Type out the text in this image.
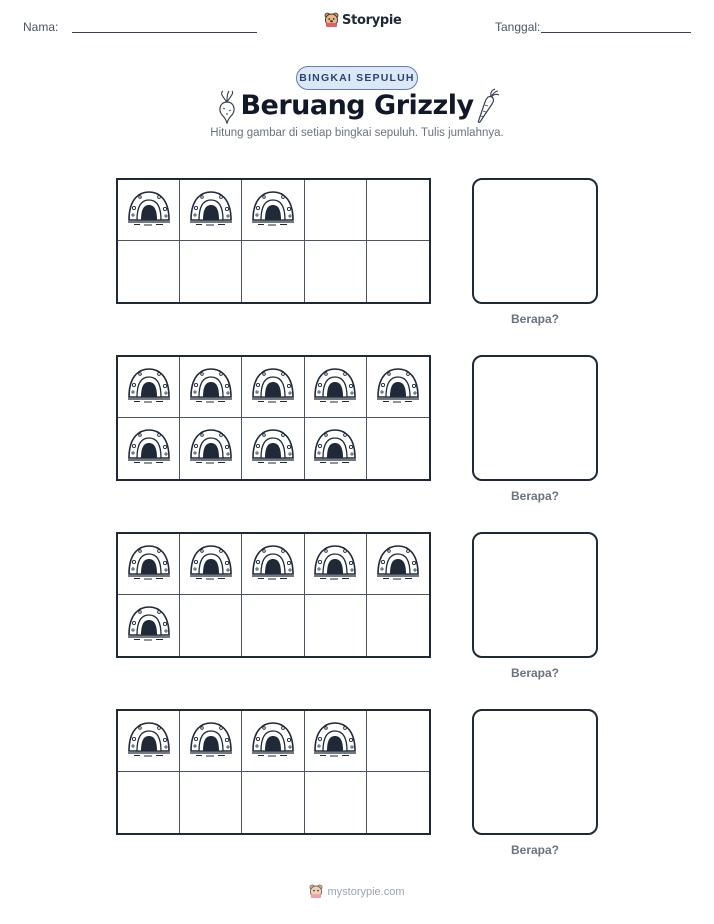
Nama:	Storypie	Tanggal:
BINGKAI SEPULUH
Beruang Grizzly
Hitung gambar di setiap bingkai sepuluh. Tulis jumlahnya.
Berapa?
Berapa?
Berapa?
Berapa?
mystorypie.com
